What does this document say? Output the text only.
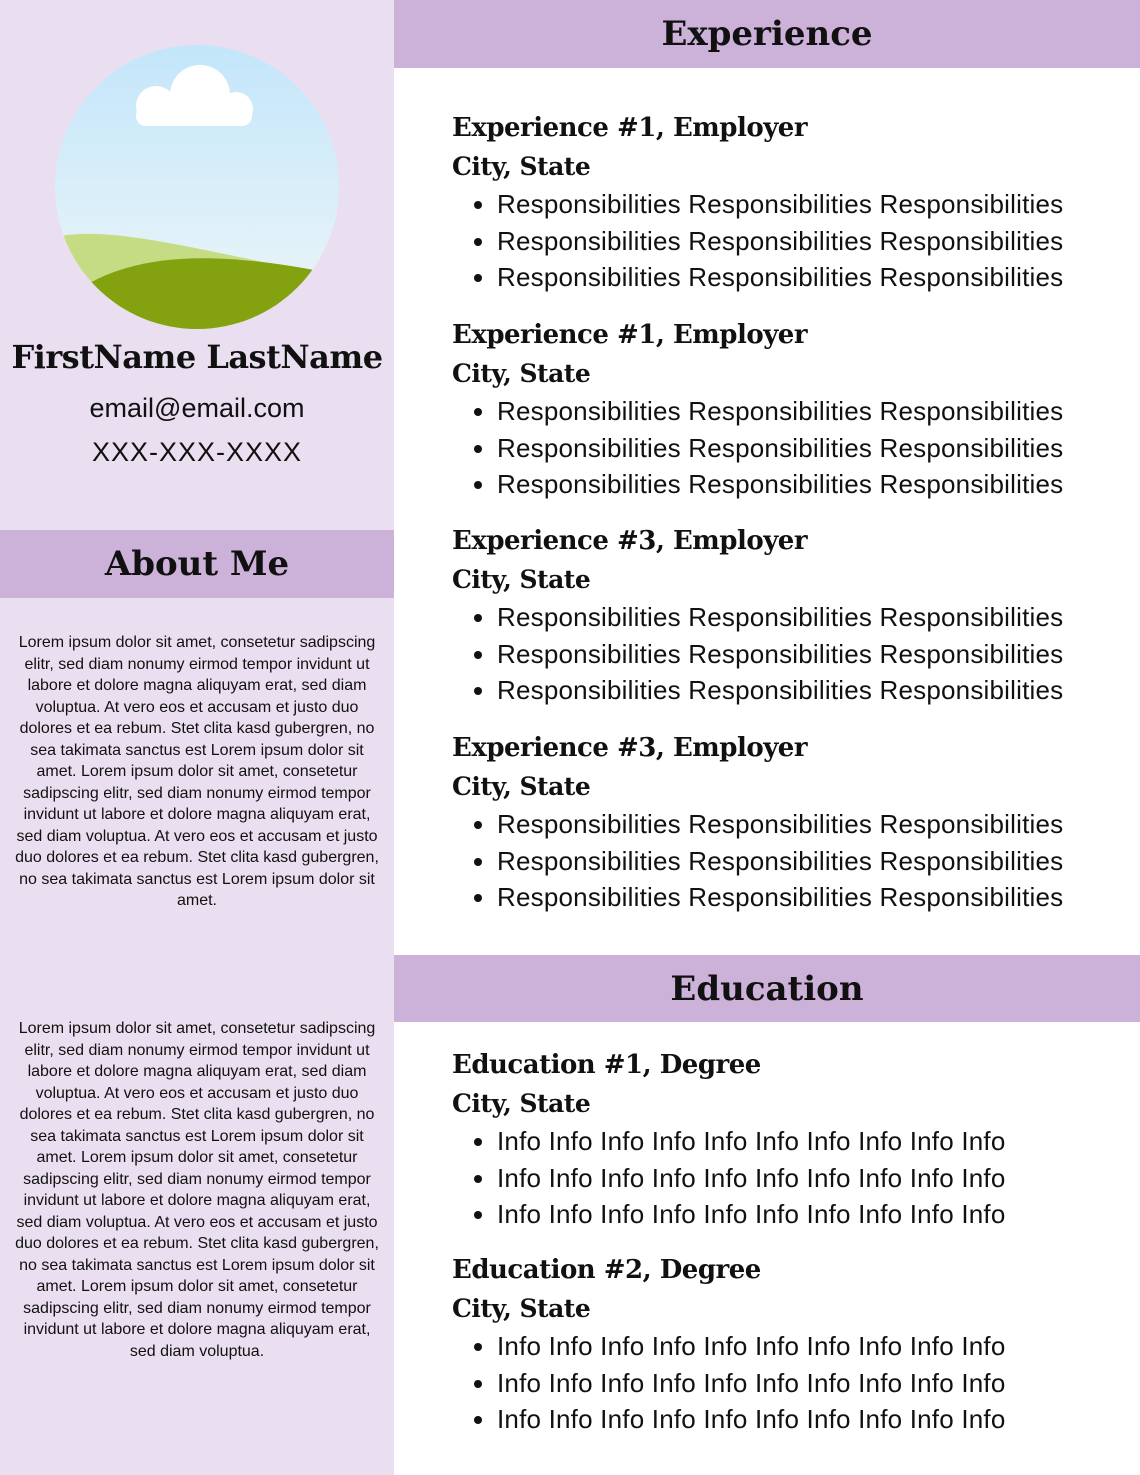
FirstName LastName
email@email.com
XXX-XXX-XXXX
About Me

Lorem ipsum dolor sit amet, consetetur sadipscing elitr, sed diam nonumy eirmod tempor invidunt ut labore et dolore magna aliquyam erat, sed diam voluptua. At vero eos et accusam et justo duo dolores et ea rebum. Stet clita kasd gubergren, no sea takimata sanctus est Lorem ipsum dolor sit amet. Lorem ipsum dolor sit amet, consetetur sadipscing elitr, sed diam nonumy eirmod tempor invidunt ut labore et dolore magna aliquyam erat, sed diam voluptua. At vero eos et accusam et justo duo dolores et ea rebum. Stet clita kasd gubergren, no sea takimata sanctus est Lorem ipsum dolor sit amet.

Lorem ipsum dolor sit amet, consetetur sadipscing elitr, sed diam nonumy eirmod tempor invidunt ut labore et dolore magna aliquyam erat, sed diam voluptua. At vero eos et accusam et justo duo dolores et ea rebum. Stet clita kasd gubergren, no sea takimata sanctus est Lorem ipsum dolor sit amet. Lorem ipsum dolor sit amet, consetetur sadipscing elitr, sed diam nonumy eirmod tempor invidunt ut labore et dolore magna aliquyam erat, sed diam voluptua. At vero eos et accusam et justo duo dolores et ea rebum. Stet clita kasd gubergren, no sea takimata sanctus est Lorem ipsum dolor sit amet. Lorem ipsum dolor sit amet, consetetur sadipscing elitr, sed diam nonumy eirmod tempor invidunt ut labore et dolore magna aliquyam erat, sed diam voluptua.

Experience
Education
Experience #1, Employer
City, State
• Responsibilities Responsibilities Responsibilities
• Responsibilities Responsibilities Responsibilities
• Responsibilities Responsibilities Responsibilities
Experience #1, Employer
City, State
• Responsibilities Responsibilities Responsibilities
• Responsibilities Responsibilities Responsibilities
• Responsibilities Responsibilities Responsibilities
Experience #3, Employer
City, State
• Responsibilities Responsibilities Responsibilities
• Responsibilities Responsibilities Responsibilities
• Responsibilities Responsibilities Responsibilities
Experience #3, Employer
City, State
• Responsibilities Responsibilities Responsibilities
• Responsibilities Responsibilities Responsibilities
• Responsibilities Responsibilities Responsibilities
Education #1, Degree
City, State
• Info Info Info Info Info Info Info Info Info Info
• Info Info Info Info Info Info Info Info Info Info
• Info Info Info Info Info Info Info Info Info Info
Education #2, Degree
City, State
• Info Info Info Info Info Info Info Info Info Info
• Info Info Info Info Info Info Info Info Info Info
• Info Info Info Info Info Info Info Info Info Info
